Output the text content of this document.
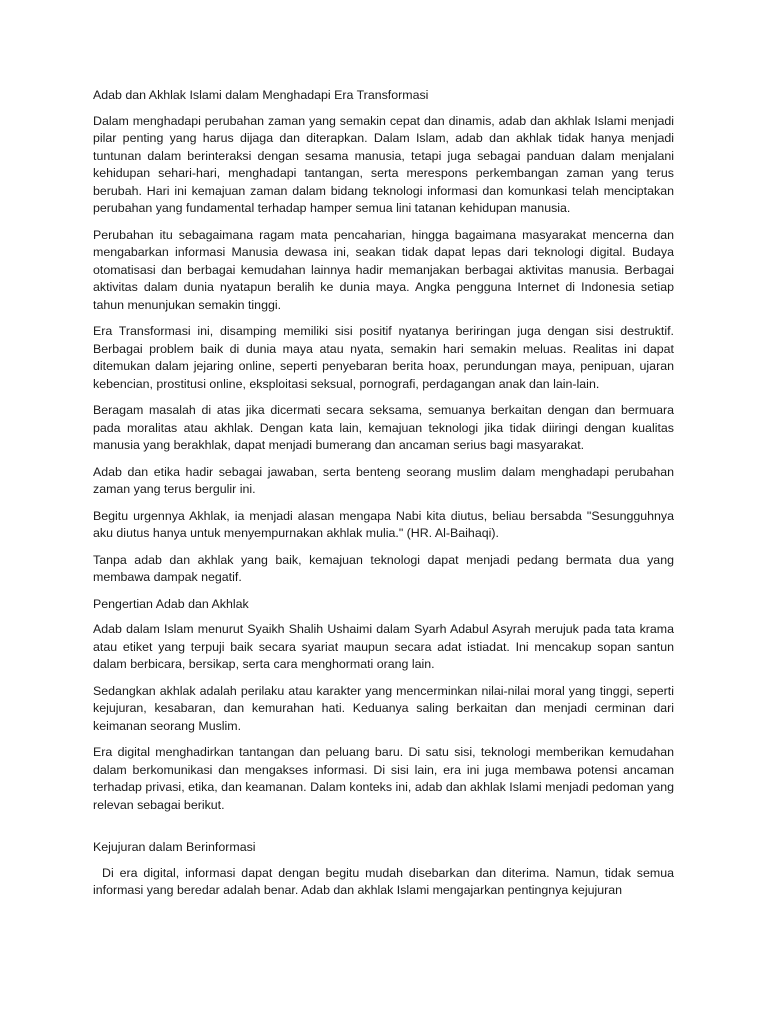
Adab dan Akhlak Islami dalam Menghadapi Era Transformasi

Dalam menghadapi perubahan zaman yang semakin cepat dan dinamis, adab dan akhlak Islami menjadi pilar penting yang harus dijaga dan diterapkan. Dalam Islam, adab dan akhlak tidak hanya menjadi tuntunan dalam berinteraksi dengan sesama manusia, tetapi juga sebagai panduan dalam menjalani kehidupan sehari-hari, menghadapi tantangan, serta merespons perkembangan zaman yang terus berubah. Hari ini kemajuan zaman dalam bidang teknologi informasi dan komunkasi telah menciptakan perubahan yang fundamental terhadap hamper semua lini tatanan kehidupan manusia.

Perubahan itu sebagaimana ragam mata pencaharian, hingga bagaimana masyarakat mencerna dan mengabarkan informasi Manusia dewasa ini, seakan tidak dapat lepas dari teknologi digital. Budaya otomatisasi dan berbagai kemudahan lainnya hadir memanjakan berbagai aktivitas manusia. Berbagai aktivitas dalam dunia nyatapun beralih ke dunia maya. Angka pengguna Internet di Indonesia setiap tahun menunjukan semakin tinggi.

Era Transformasi ini, disamping memiliki sisi positif nyatanya beriringan juga dengan sisi destruktif. Berbagai problem baik di dunia maya atau nyata, semakin hari semakin meluas. Realitas ini dapat ditemukan dalam jejaring online, seperti penyebaran berita hoax, perundungan maya, penipuan, ujaran kebencian, prostitusi online, eksploitasi seksual, pornografi, perdagangan anak dan lain-lain.

Beragam masalah di atas jika dicermati secara seksama, semuanya berkaitan dengan dan bermuara pada moralitas atau akhlak. Dengan kata lain, kemajuan teknologi jika tidak diiringi dengan kualitas manusia yang berakhlak, dapat menjadi bumerang dan ancaman serius bagi masyarakat.

Adab dan etika hadir sebagai jawaban, serta benteng seorang muslim dalam menghadapi perubahan zaman yang terus bergulir ini.

Begitu urgennya Akhlak, ia menjadi alasan mengapa Nabi kita diutus, beliau bersabda "Sesungguhnya aku diutus hanya untuk menyempurnakan akhlak mulia." (HR. Al-Baihaqi).

Tanpa adab dan akhlak yang baik, kemajuan teknologi dapat menjadi pedang bermata dua yang membawa dampak negatif.

Pengertian Adab dan Akhlak

Adab dalam Islam menurut Syaikh Shalih Ushaimi dalam Syarh Adabul Asyrah merujuk pada tata krama atau etiket yang terpuji baik secara syariat maupun secara adat istiadat. Ini mencakup sopan santun dalam berbicara, bersikap, serta cara menghormati orang lain.

Sedangkan akhlak adalah perilaku atau karakter yang mencerminkan nilai-nilai moral yang tinggi, seperti kejujuran, kesabaran, dan kemurahan hati. Keduanya saling berkaitan dan menjadi cerminan dari keimanan seorang Muslim.

Era digital menghadirkan tantangan dan peluang baru. Di satu sisi, teknologi memberikan kemudahan dalam berkomunikasi dan mengakses informasi. Di sisi lain, era ini juga membawa potensi ancaman terhadap privasi, etika, dan keamanan. Dalam konteks ini, adab dan akhlak Islami menjadi pedoman yang relevan sebagai berikut.

Kejujuran dalam Berinformasi

Di era digital, informasi dapat dengan begitu mudah disebarkan dan diterima. Namun, tidak semua informasi yang beredar adalah benar. Adab dan akhlak Islami mengajarkan pentingnya kejujuran
